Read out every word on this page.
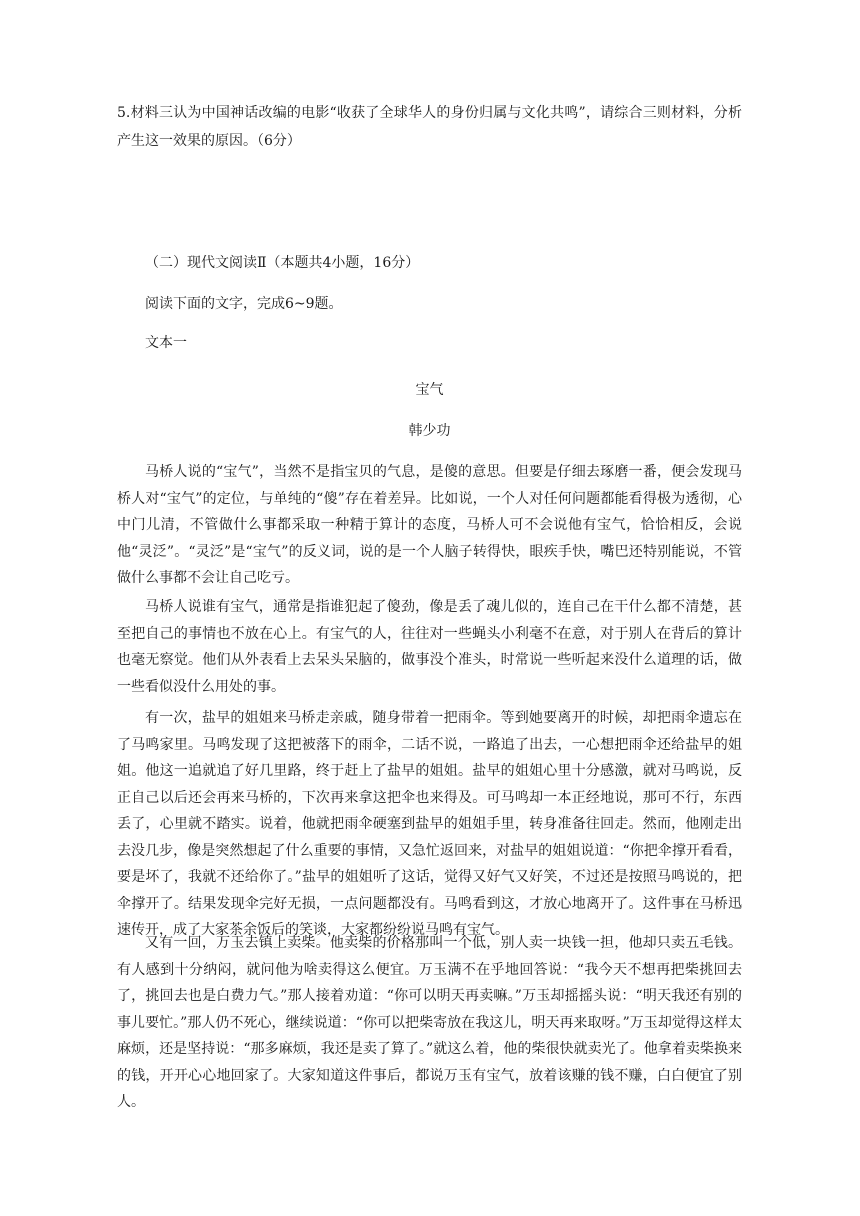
5.材料三认为中国神话改编的电影“收获了全球华人的身份归属与文化共鸣”，请综合三则材料，分析产生这一效果的原因。（6分）

（二）现代文阅读Ⅱ（本题共4小题，16分）

阅读下面的文字，完成6~9题。

文本一

宝气

韩少功

马桥人说的“宝气”，当然不是指宝贝的气息，是傻的意思。但要是仔细去琢磨一番，便会发现马桥人对“宝气”的定位，与单纯的“傻”存在着差异。比如说，一个人对任何问题都能看得极为透彻，心中门儿清，不管做什么事都采取一种精于算计的态度，马桥人可不会说他有宝气，恰恰相反，会说他“灵泛”。“灵泛”是“宝气”的反义词，说的是一个人脑子转得快，眼疾手快，嘴巴还特别能说，不管做什么事都不会让自己吃亏。

马桥人说谁有宝气，通常是指谁犯起了傻劲，像是丢了魂儿似的，连自己在干什么都不清楚，甚至把自己的事情也不放在心上。有宝气的人，往往对一些蝇头小利毫不在意，对于别人在背后的算计也毫无察觉。他们从外表看上去呆头呆脑的，做事没个准头，时常说一些听起来没什么道理的话，做一些看似没什么用处的事。

有一次，盐早的姐姐来马桥走亲戚，随身带着一把雨伞。等到她要离开的时候，却把雨伞遗忘在了马鸣家里。马鸣发现了这把被落下的雨伞，二话不说，一路追了出去，一心想把雨伞还给盐早的姐姐。他这一追就追了好几里路，终于赶上了盐早的姐姐。盐早的姐姐心里十分感激，就对马鸣说，反正自己以后还会再来马桥的，下次再来拿这把伞也来得及。可马鸣却一本正经地说，那可不行，东西丢了，心里就不踏实。说着，他就把雨伞硬塞到盐早的姐姐手里，转身准备往回走。然而，他刚走出去没几步，像是突然想起了什么重要的事情，又急忙返回来，对盐早的姐姐说道：“你把伞撑开看看，要是坏了，我就不还给你了。”盐早的姐姐听了这话，觉得又好气又好笑，不过还是按照马鸣说的，把伞撑开了。结果发现伞完好无损，一点问题都没有。马鸣看到这，才放心地离开了。这件事在马桥迅速传开，成了大家茶余饭后的笑谈，大家都纷纷说马鸣有宝气。

又有一回，万玉去镇上卖柴。他卖柴的价格那叫一个低，别人卖一块钱一担，他却只卖五毛钱。有人感到十分纳闷，就问他为啥卖得这么便宜。万玉满不在乎地回答说：“我今天不想再把柴挑回去了，挑回去也是白费力气。”那人接着劝道：“你可以明天再卖嘛。”万玉却摇摇头说：“明天我还有别的事儿要忙。”那人仍不死心，继续说道：“你可以把柴寄放在我这儿，明天再来取呀。”万玉却觉得这样太麻烦，还是坚持说：“那多麻烦，我还是卖了算了。”就这么着，他的柴很快就卖光了。他拿着卖柴换来的钱，开开心心地回家了。大家知道这件事后，都说万玉有宝气，放着该赚的钱不赚，白白便宜了别人。
